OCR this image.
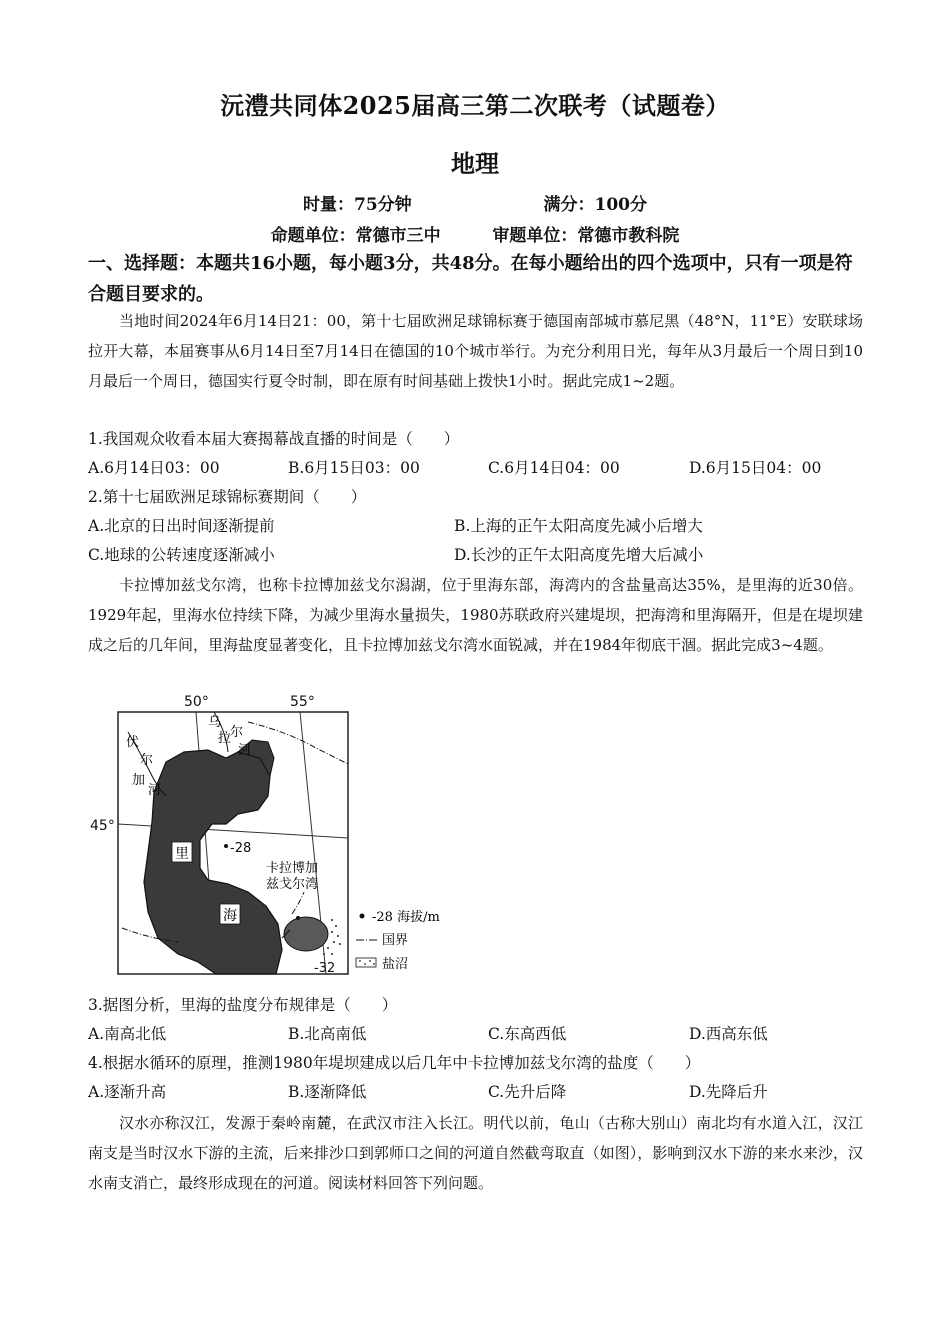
沅澧共同体2025届高三第二次联考（试题卷）
地理
时量：75分钟	满分：100分
命题单位：常德市三中	审题单位：常德市教科院
一、选择题：本题共16小题，每小题3分，共48分。在每小题给出的四个选项中，只有一项是符合题目要求的。
当地时间2024年6月14日21：00，第十七届欧洲足球锦标赛于德国南部城市慕尼黑（48°N，11°E）安联球场拉开大幕，本届赛事从6月14日至7月14日在德国的10个城市举行。为充分利用日光，每年从3月最后一个周日到10月最后一个周日，德国实行夏令时制，即在原有时间基础上拨快1小时。据此完成1~2题。
1.我国观众收看本届大赛揭幕战直播的时间是（　　）
A.6月14日03：00	B.6月15日03：00	C.6月14日04：00	D.6月15日04：00
2.第十七届欧洲足球锦标赛期间（　　）
A.北京的日出时间逐渐提前	B.上海的正午太阳高度先减小后增大
C.地球的公转速度逐渐减小	D.长沙的正午太阳高度先增大后减小
卡拉博加兹戈尔湾，也称卡拉博加兹戈尔潟湖，位于里海东部，海湾内的含盐量高达35%，是里海的近30倍。1929年起，里海水位持续下降，为减少里海水量损失，1980苏联政府兴建堤坝，把海湾和里海隔开，但是在堤坝建成之后的几年间，里海盐度显著变化，且卡拉博加兹戈尔湾水面锐减，并在1984年彻底干涸。据此完成3~4题。
50°	55°
45°
伏
尔
加
河
乌
拉
尔
河
里
海
卡拉博加
兹戈尔湾
-28
-32
-28 海拔/m
国界
盐沼
3.据图分析，里海的盐度分布规律是（　　）
A.南高北低	B.北高南低	C.东高西低	D.西高东低
4.根据水循环的原理，推测1980年堤坝建成以后几年中卡拉博加兹戈尔湾的盐度（　　）
A.逐渐升高	B.逐渐降低	C.先升后降	D.先降后升
汉水亦称汉江，发源于秦岭南麓，在武汉市注入长江。明代以前，龟山（古称大别山）南北均有水道入江，汉江南支是当时汉水下游的主流，后来排沙口到郭师口之间的河道自然截弯取直（如图），影响到汉水下游的来水来沙，汉水南支消亡，最终形成现在的河道。阅读材料回答下列问题。
